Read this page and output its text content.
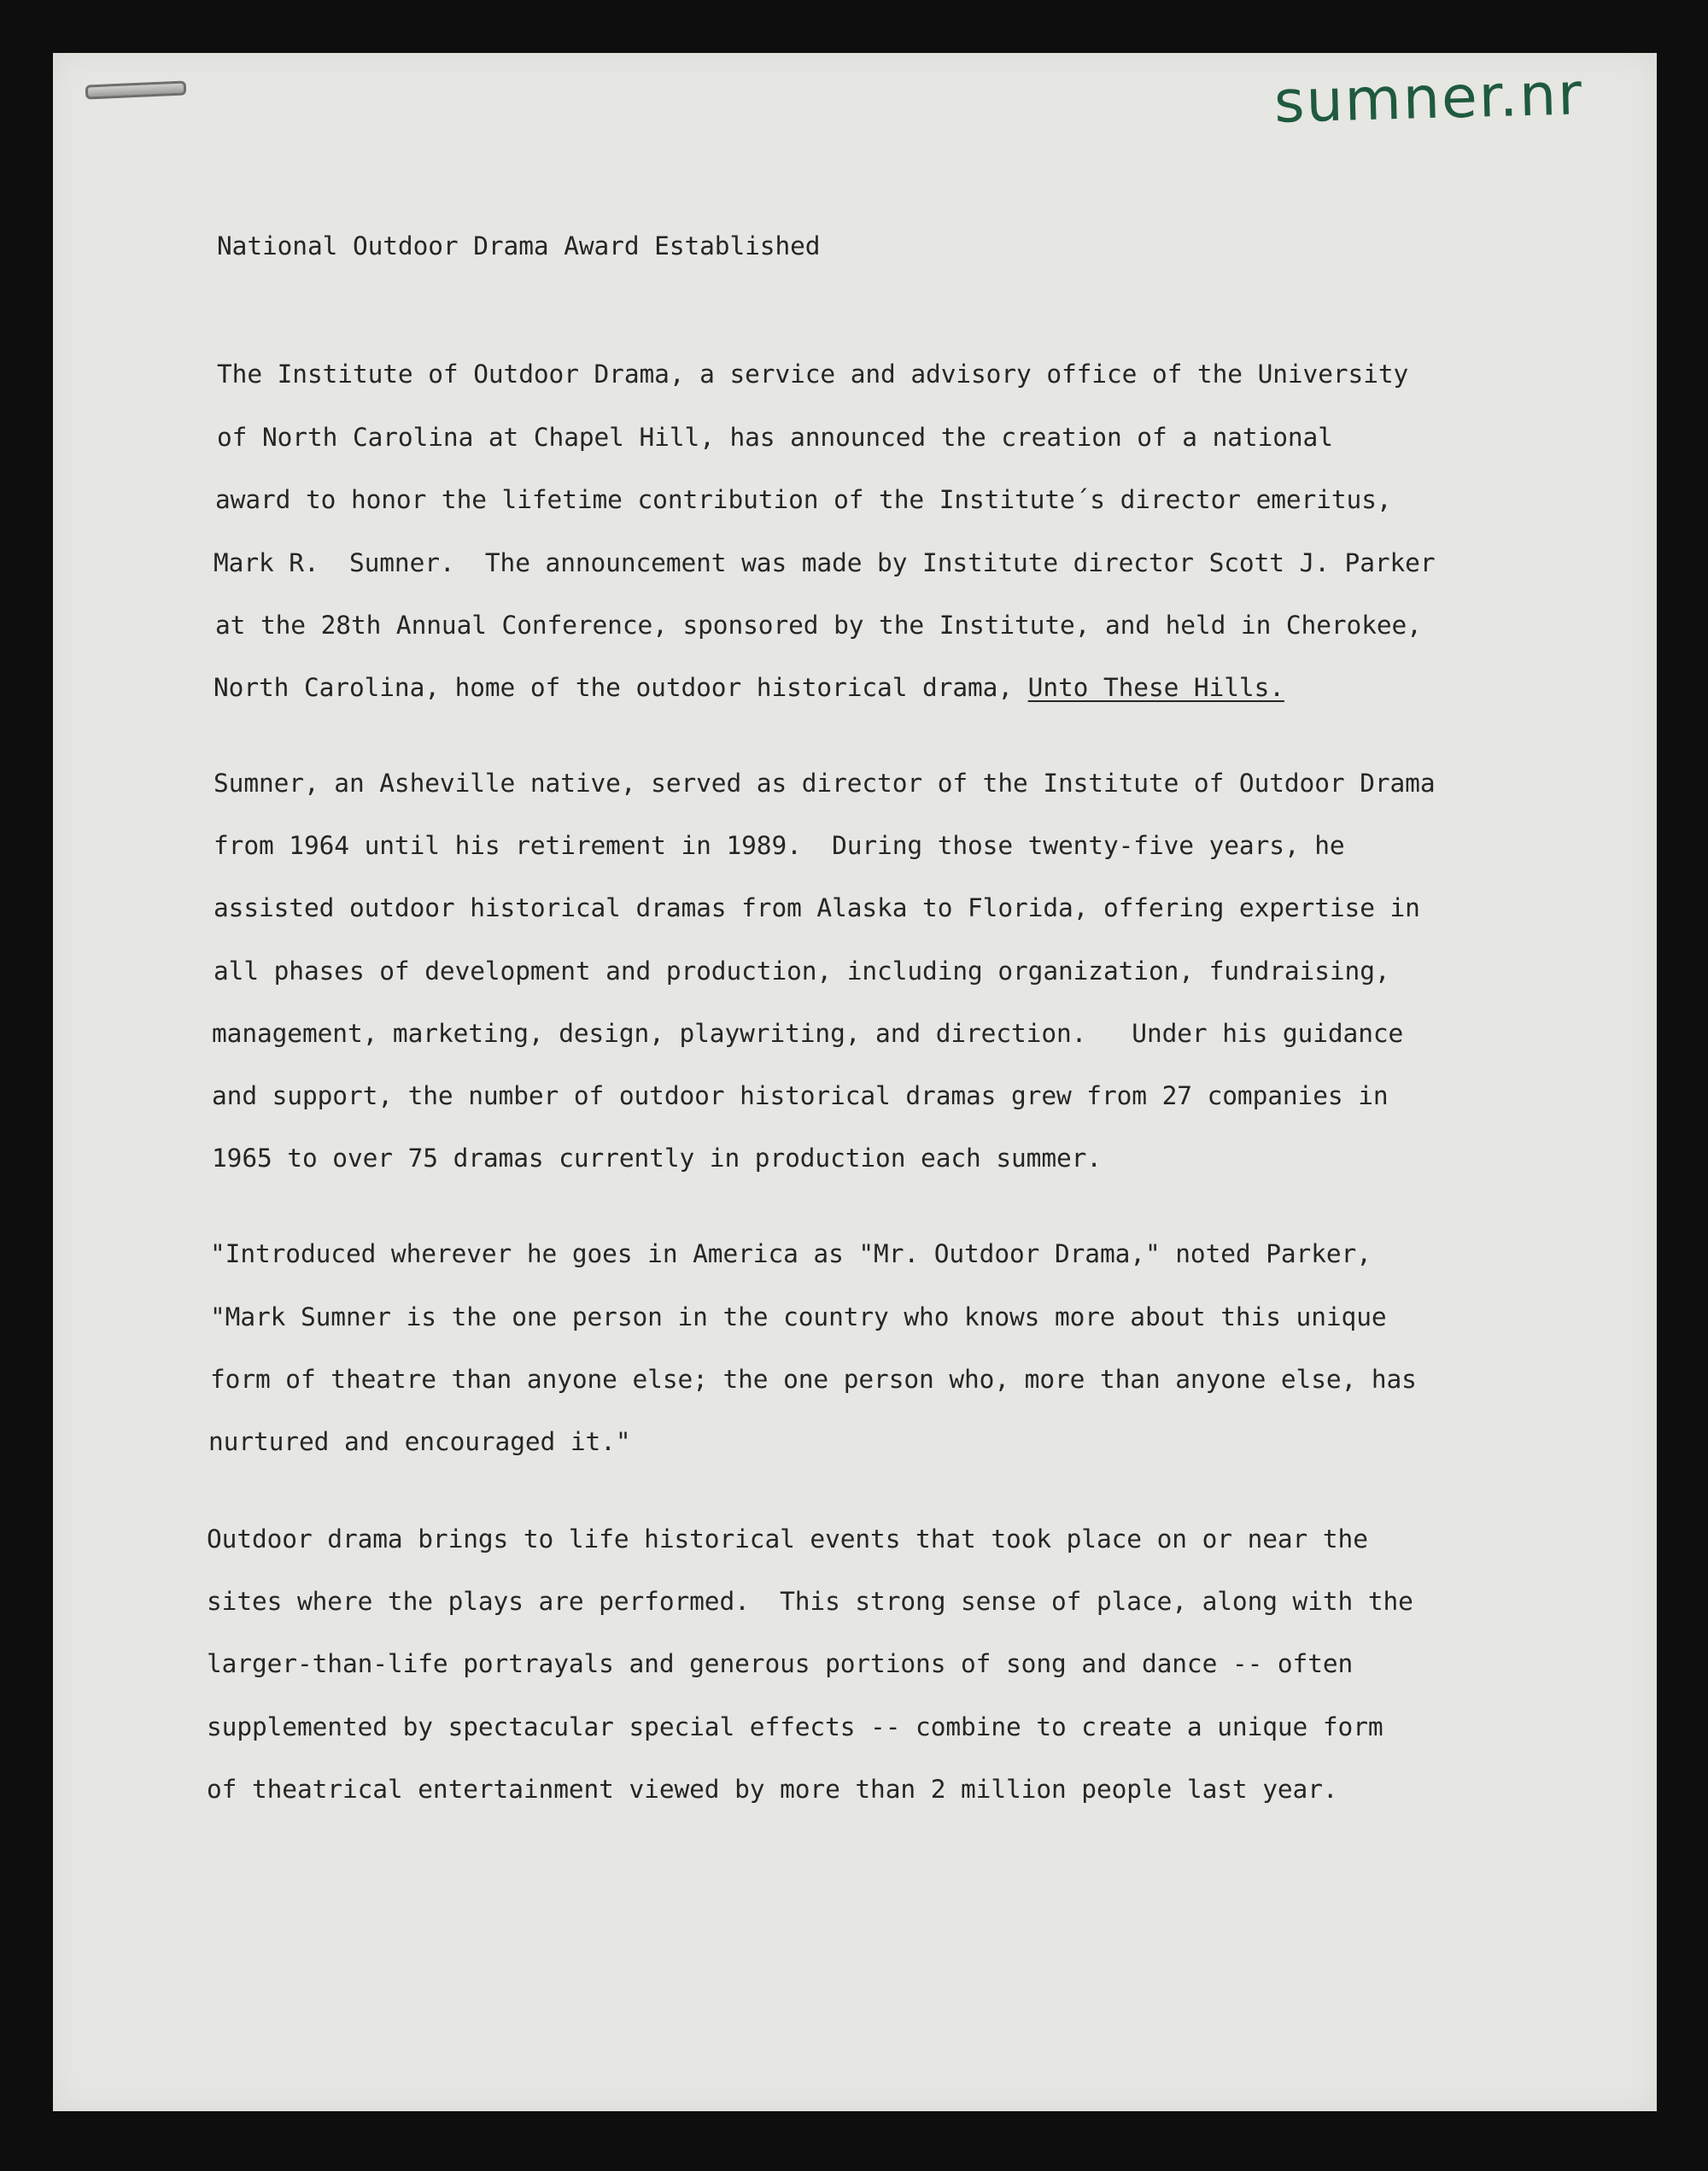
sumner.nr
National Outdoor Drama Award Established
The Institute of Outdoor Drama, a service and advisory office of the University
of North Carolina at Chapel Hill, has announced the creation of a national
award to honor the lifetime contribution of the Institute´s director emeritus,
Mark R.  Sumner.  The announcement was made by Institute director Scott J. Parker
at the 28th Annual Conference, sponsored by the Institute, and held in Cherokee,
North Carolina, home of the outdoor historical drama, Unto These Hills.
Sumner, an Asheville native, served as director of the Institute of Outdoor Drama
from 1964 until his retirement in 1989.  During those twenty-five years, he
assisted outdoor historical dramas from Alaska to Florida, offering expertise in
all phases of development and production, including organization, fundraising,
management, marketing, design, playwriting, and direction.   Under his guidance
and support, the number of outdoor historical dramas grew from 27 companies in
1965 to over 75 dramas currently in production each summer.
"Introduced wherever he goes in America as "Mr. Outdoor Drama," noted Parker,
"Mark Sumner is the one person in the country who knows more about this unique
form of theatre than anyone else; the one person who, more than anyone else, has
nurtured and encouraged it."
Outdoor drama brings to life historical events that took place on or near the
sites where the plays are performed.  This strong sense of place, along with the
larger-than-life portrayals and generous portions of song and dance -- often
supplemented by spectacular special effects -- combine to create a unique form
of theatrical entertainment viewed by more than 2 million people last year.
